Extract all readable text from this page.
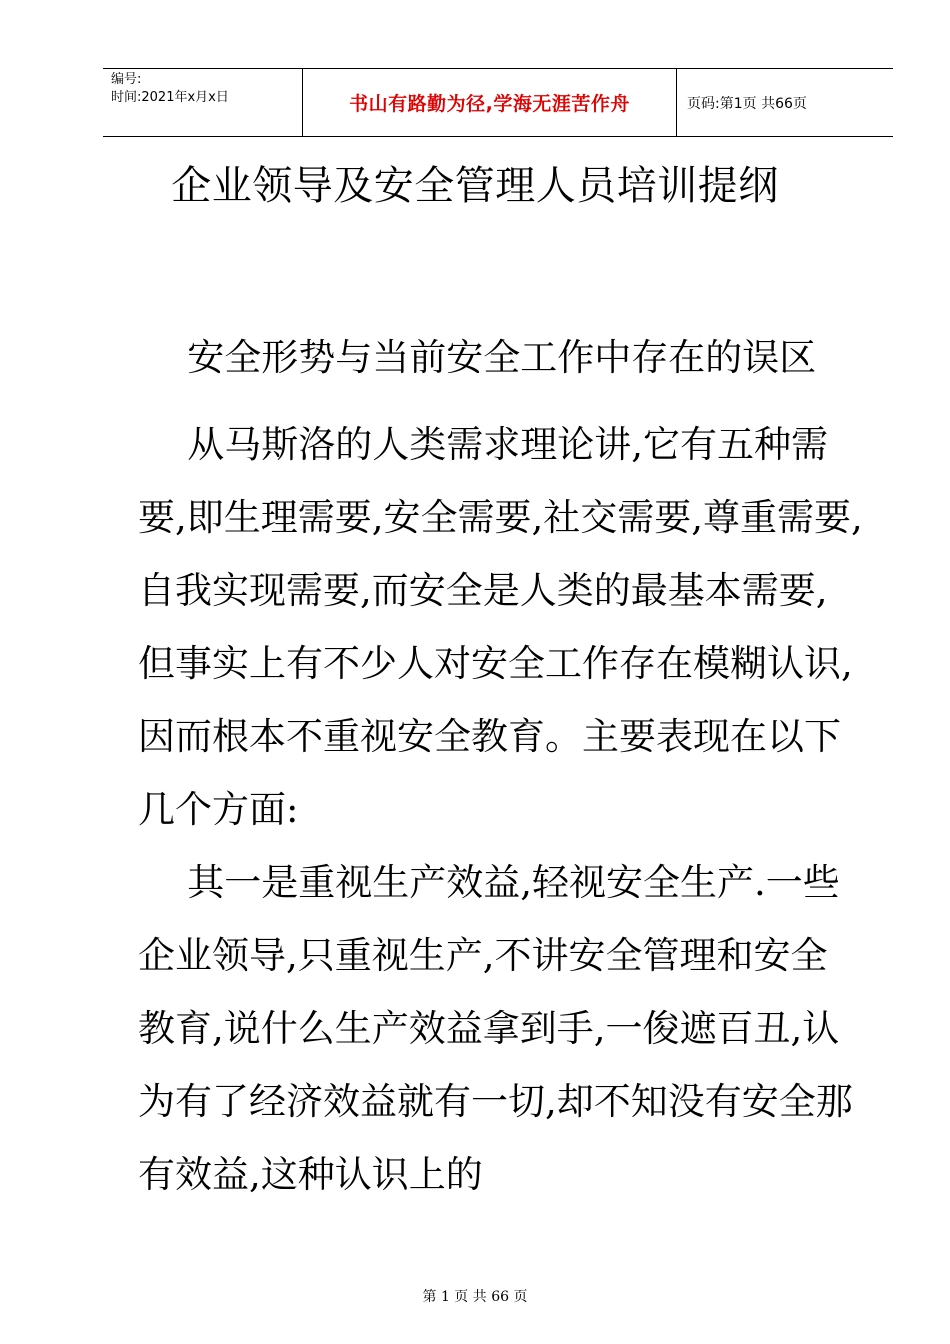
编号:
时间:2021年x月x日	书山有路勤为径,学海无涯苦作舟	页码:第1页 共66页
企业领导及安全管理人员培训提纲

安全形势与当前安全工作中存在的误区

从马斯洛的人类需求理论讲,它有五种需要,即生理需要,安全需要,社交需要,尊重需要,自我实现需要,而安全是人类的最基本需要,但事实上有不少人对安全工作存在模糊认识,因而根本不重视安全教育。主要表现在以下几个方面:

其一是重视生产效益,轻视安全生产.一些企业领导,只重视生产,不讲安全管理和安全教育,说什么生产效益拿到手,一俊遮百丑,认为有了经济效益就有一切,却不知没有安全那有效益,这种认识上的

第 1 页 共 66 页
